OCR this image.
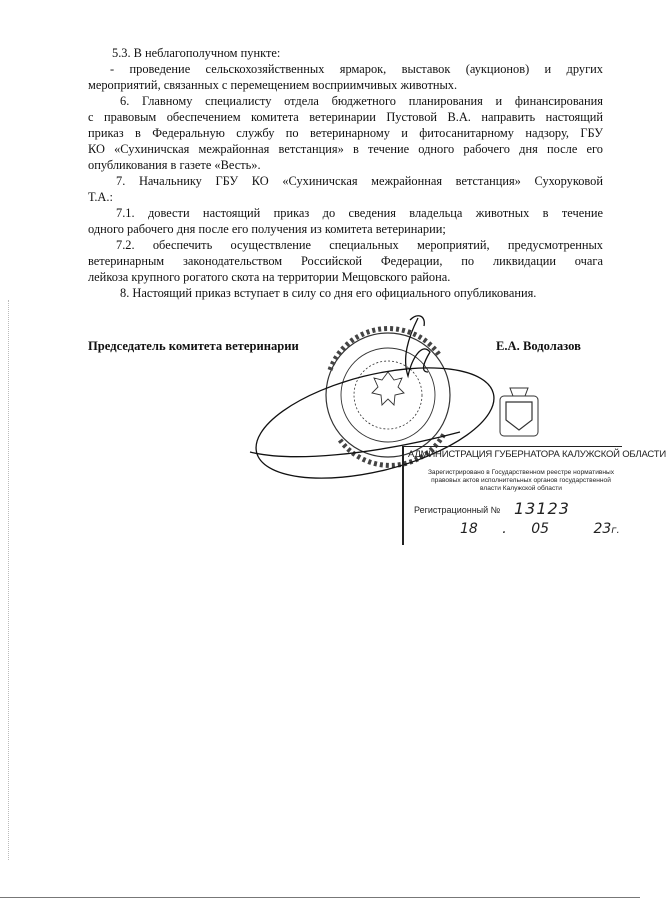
5.3. В неблагополучном пункте:
- проведение сельскохозяйственных ярмарок, выставок (аукционов) и других
мероприятий, связанных с перемещением восприимчивых животных.
6. Главному специалисту отдела бюджетного планирования и финансирования
с правовым обеспечением комитета ветеринарии Пустовой В.А. направить настоящий
приказ в Федеральную службу по ветеринарному и фитосанитарному надзору, ГБУ
КО «Сухиничская межрайонная ветстанция» в течение одного рабочего дня после его
опубликования в газете «Весть».
7. Начальнику ГБУ КО «Сухиничская межрайонная ветстанция» Сухоруковой
Т.А.:
7.1. довести настоящий приказ до сведения владельца животных в течение
одного рабочего дня после его получения из комитета ветеринарии;
7.2. обеспечить осуществление специальных мероприятий, предусмотренных
ветеринарным законодательством Российской Федерации, по ликвидации очага
лейкоза крупного рогатого скота на территории Мещовского района.
8. Настоящий приказ вступает в силу со дня его официального опубликования.
Председатель комитета ветеринарии	Е.А. Водолазов
АДМИНИСТРАЦИЯ ГУБЕРНАТОРА КАЛУЖСКОЙ ОБЛАСТИ
Зарегистрировано в Государственном реестре нормативных правовых актов исполнительных органов государственной власти Калужской области
Регистрационный № 13123
18 . 05	23г.
